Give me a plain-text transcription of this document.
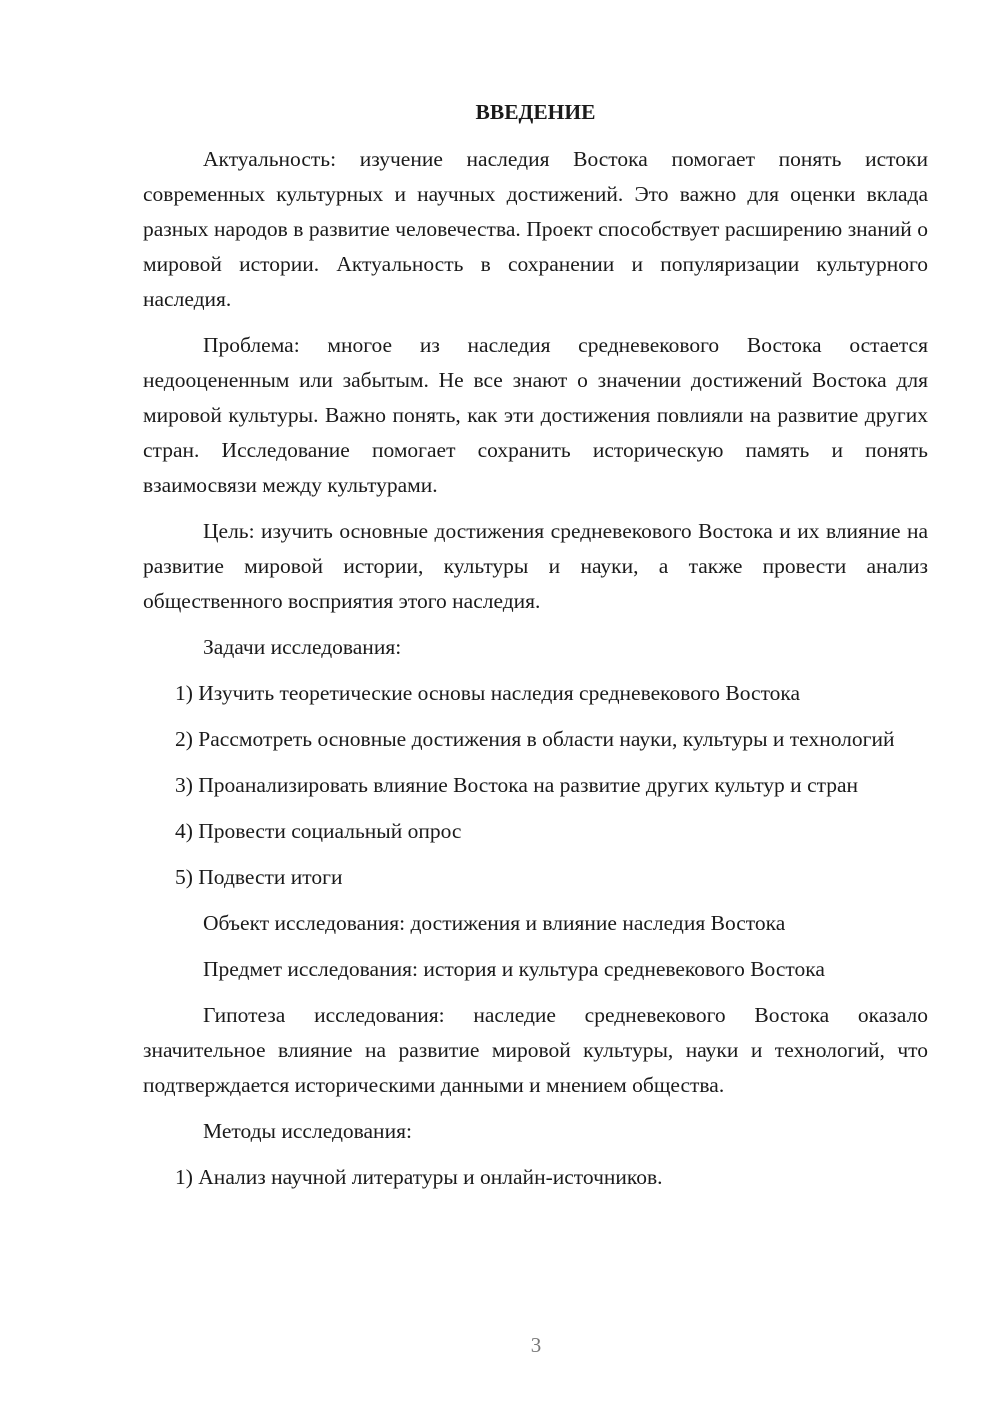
ВВЕДЕНИЕ

Актуальность: изучение наследия Востока помогает понять истоки современных культурных и научных достижений. Это важно для оценки вклада разных народов в развитие человечества. Проект способствует расширению знаний о мировой истории. Актуальность в сохранении и популяризации культурного наследия.

Проблема: многое из наследия средневекового Востока остается недооцененным или забытым. Не все знают о значении достижений Востока для мировой культуры. Важно понять, как эти достижения повлияли на развитие других стран. Исследование помогает сохранить историческую память и понять взаимосвязи между культурами.

Цель: изучить основные достижения средневекового Востока и их влияние на развитие мировой истории, культуры и науки, а также провести анализ общественного восприятия этого наследия.

Задачи исследования:

1) Изучить теоретические основы наследия средневекового Востока

2) Рассмотреть основные достижения в области науки, культуры и технологий

3) Проанализировать влияние Востока на развитие других культур и стран

4) Провести социальный опрос

5) Подвести итоги

Объект исследования: достижения и влияние наследия Востока

Предмет исследования: история и культура средневекового Востока

Гипотеза исследования: наследие средневекового Востока оказало значительное влияние на развитие мировой культуры, науки и технологий, что подтверждается историческими данными и мнением общества.

Методы исследования:

1) Анализ научной литературы и онлайн-источников.

3
